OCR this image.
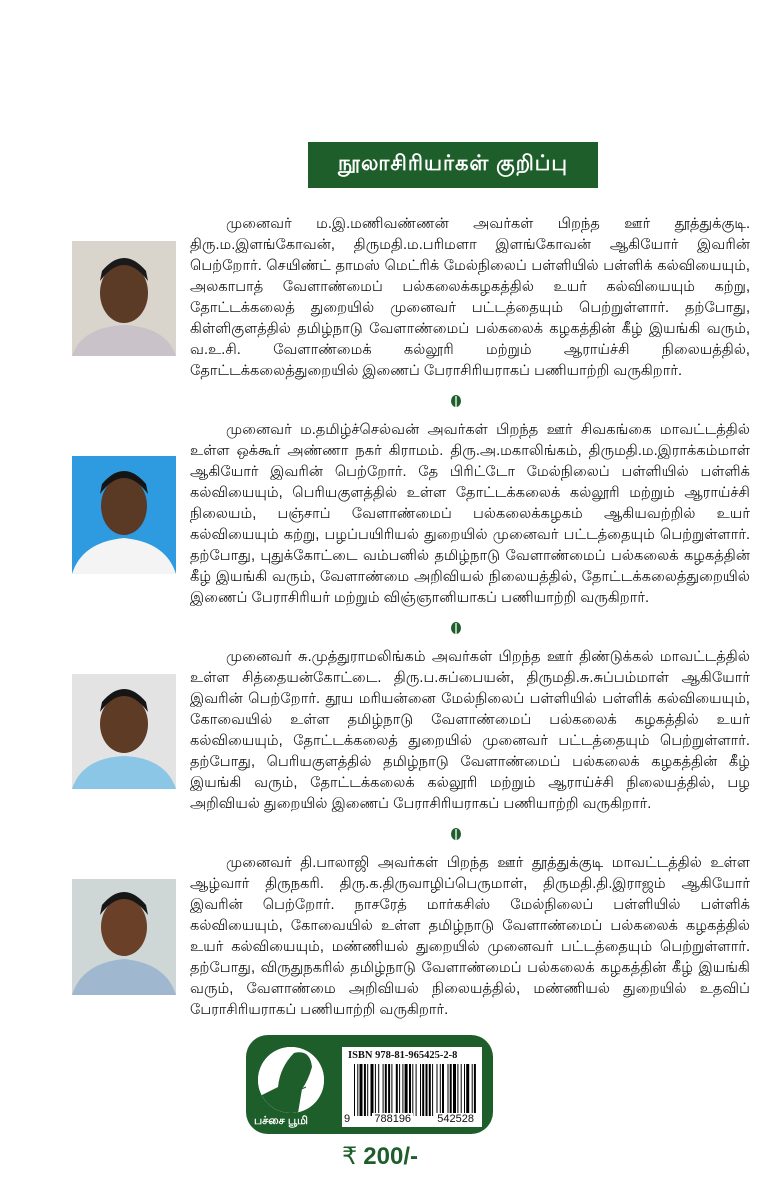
நூலாசிரியர்கள் குறிப்பு

முனைவர் ம.இ.மணிவண்ணன் அவர்கள் பிறந்த ஊர் தூத்துக்குடி. திரு.ம.இளங்கோவன், திருமதி.ம.பரிமளா இளங்கோவன் ஆகியோர் இவரின் பெற்றோர். செயிண்ட் தாமஸ் மெட்ரிக் மேல்நிலைப் பள்ளியில் பள்ளிக் கல்வியையும், அலகாபாத் வேளாண்மைப் பல்கலைக்கழகத்தில் உயர் கல்வியையும் கற்று, தோட்டக்கலைத் துறையில் முனைவர் பட்டத்தையும் பெற்றுள்ளார். தற்போது, கிள்ளிகுளத்தில் தமிழ்நாடு வேளாண்மைப் பல்கலைக் கழகத்தின் கீழ் இயங்கி வரும், வ.உ.சி. வேளாண்மைக் கல்லூரி மற்றும் ஆராய்ச்சி நிலையத்தில், தோட்டக்கலைத்துறையில் இணைப் பேராசிரியராகப் பணியாற்றி வருகிறார்.

முனைவர் ம.தமிழ்ச்செல்வன் அவர்கள் பிறந்த ஊர் சிவகங்கை மாவட்டத்தில் உள்ள ஒக்கூர் அண்ணா நகர் கிராமம். திரு.அ.மகாலிங்கம், திருமதி.ம.இராக்கம்மாள் ஆகியோர் இவரின் பெற்றோர். தே பிரிட்டோ மேல்நிலைப் பள்ளியில் பள்ளிக் கல்வியையும், பெரியகுளத்தில் உள்ள தோட்டக்கலைக் கல்லூரி மற்றும் ஆராய்ச்சி நிலையம், பஞ்சாப் வேளாண்மைப் பல்கலைக்கழகம் ஆகியவற்றில் உயர் கல்வியையும் கற்று, பழப்பயிரியல் துறையில் முனைவர் பட்டத்தையும் பெற்றுள்ளார். தற்போது, புதுக்கோட்டை வம்பனில் தமிழ்நாடு வேளாண்மைப் பல்கலைக் கழகத்தின் கீழ் இயங்கி வரும், வேளாண்மை அறிவியல் நிலையத்தில், தோட்டக்கலைத்துறையில் இணைப் பேராசிரியர் மற்றும் விஞ்ஞானியாகப் பணியாற்றி வருகிறார்.

முனைவர் சு.முத்துராமலிங்கம் அவர்கள் பிறந்த ஊர் திண்டுக்கல் மாவட்டத்தில் உள்ள சித்தையன்கோட்டை. திரு.ப.சுப்பையன், திருமதி.சு.சுப்பம்மாள் ஆகியோர் இவரின் பெற்றோர். தூய மரியன்னை மேல்நிலைப் பள்ளியில் பள்ளிக் கல்வியையும், கோவையில் உள்ள தமிழ்நாடு வேளாண்மைப் பல்கலைக் கழகத்தில் உயர் கல்வியையும், தோட்டக்கலைத் துறையில் முனைவர் பட்டத்தையும் பெற்றுள்ளார். தற்போது, பெரியகுளத்தில் தமிழ்நாடு வேளாண்மைப் பல்கலைக் கழகத்தின் கீழ் இயங்கி வரும், தோட்டக்கலைக் கல்லூரி மற்றும் ஆராய்ச்சி நிலையத்தில், பழ அறிவியல் துறையில் இணைப் பேராசிரியராகப் பணியாற்றி வருகிறார்.

முனைவர் தி.பாலாஜி அவர்கள் பிறந்த ஊர் தூத்துக்குடி மாவட்டத்தில் உள்ள ஆழ்வார் திருநகரி. திரு.க.திருவாழிப்பெருமாள், திருமதி.தி.இராஜம் ஆகியோர் இவரின் பெற்றோர். நாசரேத் மார்கசிஸ் மேல்நிலைப் பள்ளியில் பள்ளிக் கல்வியையும், கோவையில் உள்ள தமிழ்நாடு வேளாண்மைப் பல்கலைக் கழகத்தில் உயர் கல்வியையும், மண்ணியல் துறையில் முனைவர் பட்டத்தையும் பெற்றுள்ளார். தற்போது, விருதுநகரில் தமிழ்நாடு வேளாண்மைப் பல்கலைக் கழகத்தின் கீழ் இயங்கி வரும், வேளாண்மை அறிவியல் நிலையத்தில், மண்ணியல் துறையில் உதவிப் பேராசிரியராகப் பணியாற்றி வருகிறார்.

பச்சை பூமி
ISBN 978-81-965425-2-8
9 788196 542528
₹ 200/-
